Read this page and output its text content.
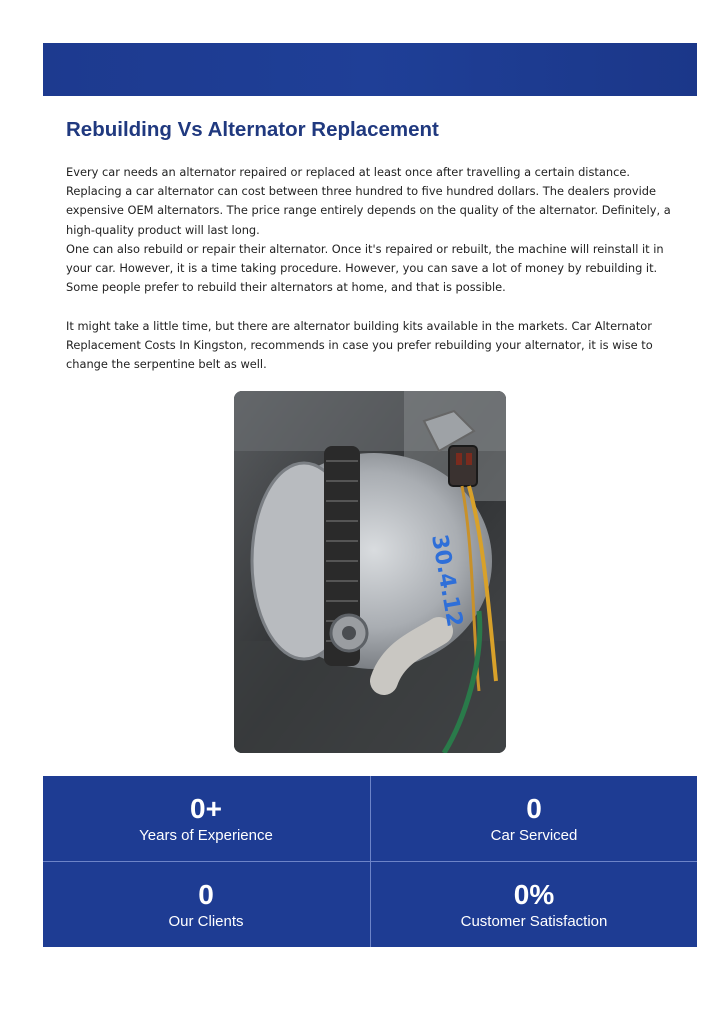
Rebuilding Vs Alternator Replacement

Every car needs an alternator repaired or replaced at least once after travelling a certain distance. Replacing a car alternator can cost between three hundred to five hundred dollars. The dealers provide expensive OEM alternators. The price range entirely depends on the quality of the alternator. Definitely, a high-quality product will last long.

One can also rebuild or repair their alternator. Once it's repaired or rebuilt, the machine will reinstall it in your car. However, it is a time taking procedure. However, you can save a lot of money by rebuilding it. Some people prefer to rebuild their alternators at home, and that is possible.

It might take a little time, but there are alternator building kits available in the markets. Car Alternator Replacement Costs In Kingston, recommends in case you prefer rebuilding your alternator, it is wise to change the serpentine belt as well.

30.4.12
0+
Years of Experience
0
Car Serviced
0
Our Clients
0%
Customer Satisfaction
